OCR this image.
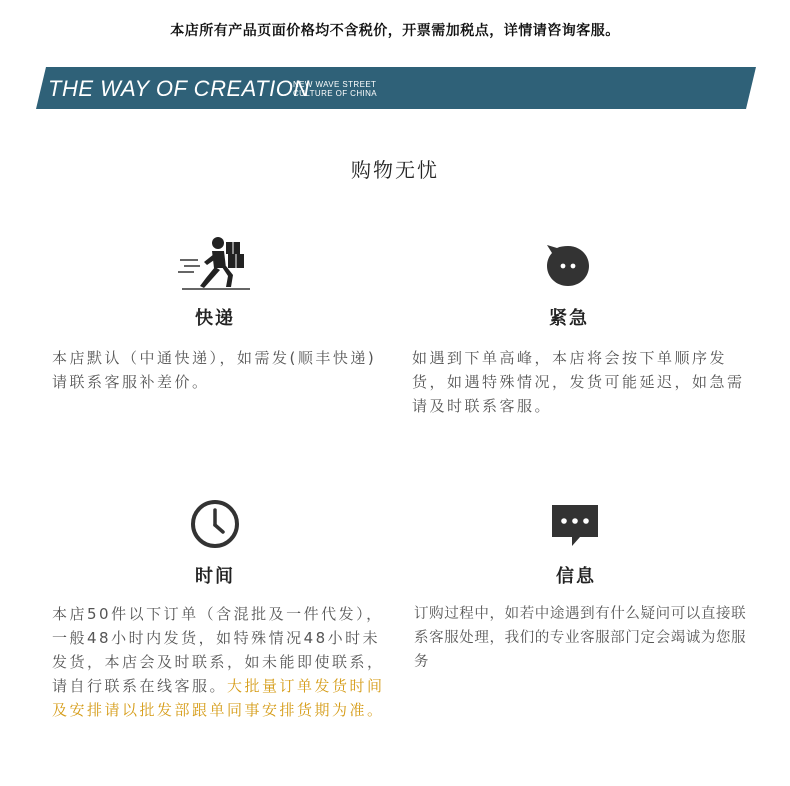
本店所有产品页面价格均不含税价，开票需加税点，详情请咨询客服。
THE WAY OF CREATION
NEW WAVE STREET
CULTURE OF CHINA
购物无忧
快递
本店默认（中通快递），如需发(顺丰快递)请联系客服补差价。
紧急
如遇到下单高峰，本店将会按下单顺序发货，如遇特殊情况，发货可能延迟，如急需请及时联系客服。
时间
本店50件以下订单（含混批及一件代发），一般48小时内发货，如特殊情况48小时未发货，本店会及时联系，如未能即使联系，请自行联系在线客服。大批量订单发货时间及安排请以批发部跟单同事安排货期为准。
信息
订购过程中，如若中途遇到有什么疑问可以直接联系客服处理，我们的专业客服部门定会竭诚为您服务
